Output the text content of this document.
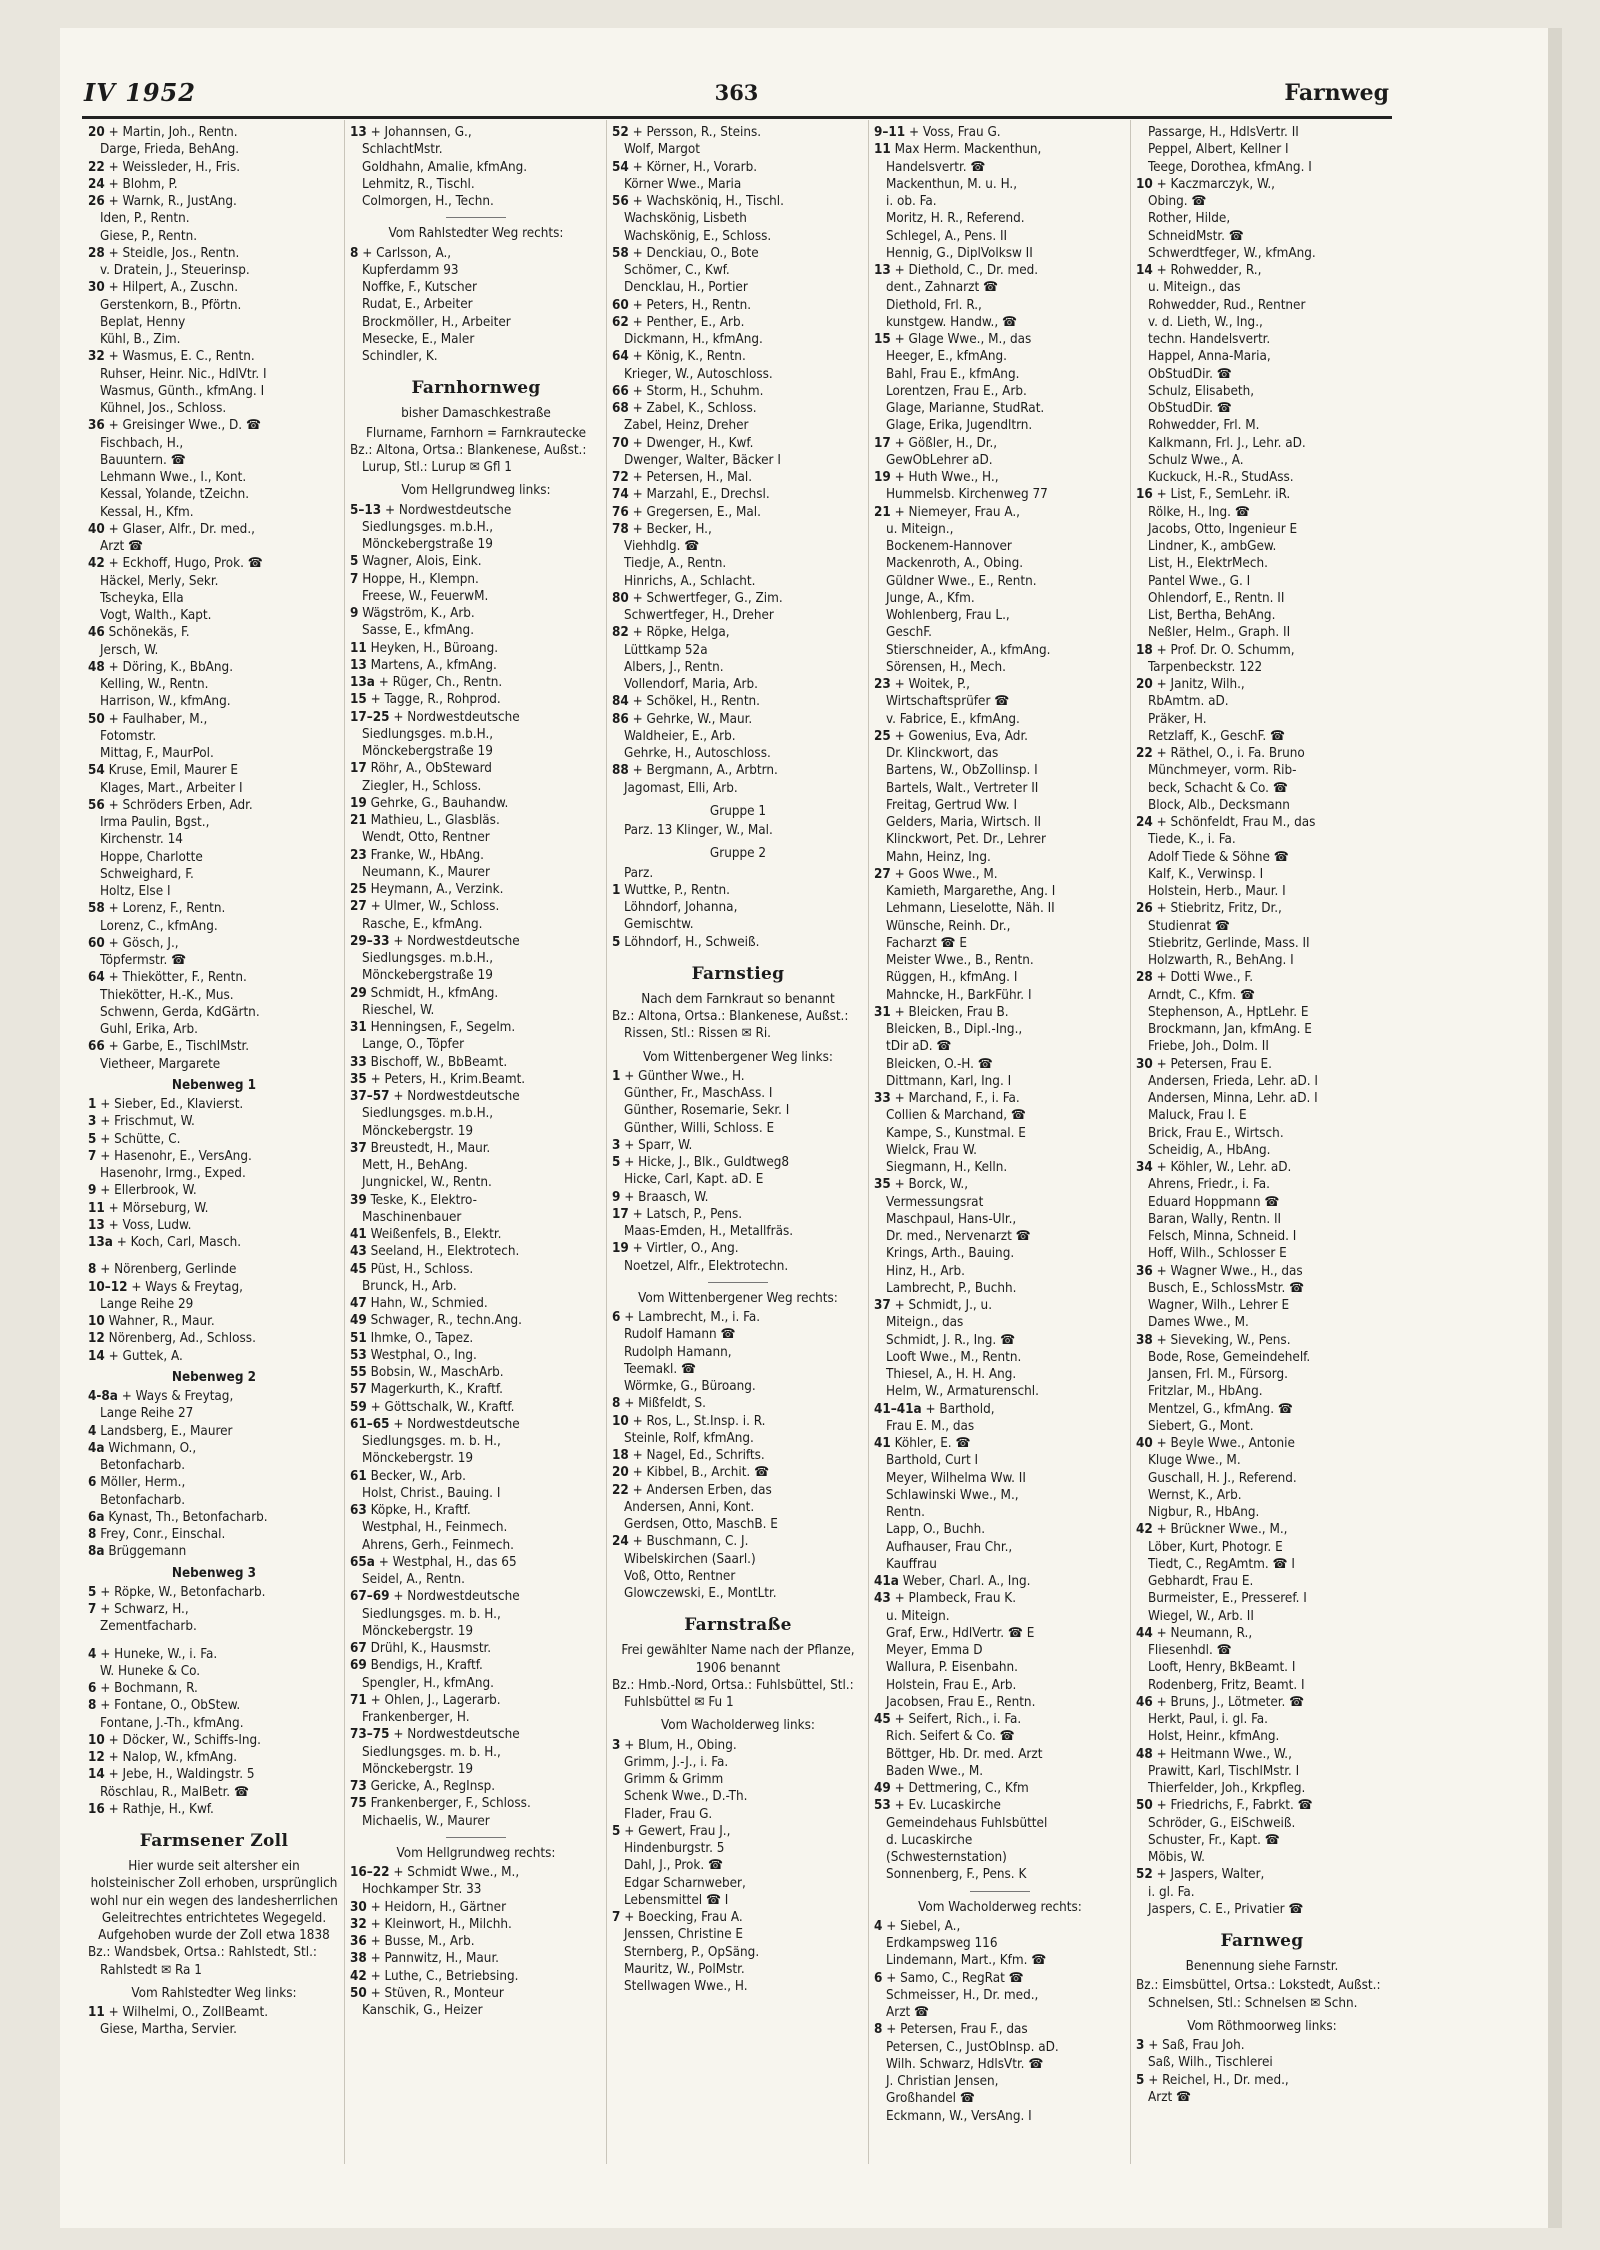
IV 1952	363	Farnweg
20 + Martin, Joh., Rentn.
Darge, Frieda, BehAng.
22 + Weissleder, H., Fris.
24 + Blohm, P.
26 + Warnk, R., JustAng.
Iden, P., Rentn.
Giese, P., Rentn.
28 + Steidle, Jos., Rentn.
v. Dratein, J., Steuerinsp.
30 + Hilpert, A., Zuschn.
Gerstenkorn, B., Pförtn.
Beplat, Henny
Kühl, B., Zim.
32 + Wasmus, E. C., Rentn.
Ruhser, Heinr. Nic., HdlVtr. I
Wasmus, Günth., kfmAng. I
Kühnel, Jos., Schloss.
36 + Greisinger Wwe., D. ☎
Fischbach, H.,
Bauuntern. ☎
Lehmann Wwe., I., Kont.
Kessal, Yolande, tZeichn.
Kessal, H., Kfm.
40 + Glaser, Alfr., Dr. med.,
Arzt ☎
42 + Eckhoff, Hugo, Prok. ☎
Häckel, Merly, Sekr.
Tscheyka, Ella
Vogt, Walth., Kapt.
46 Schönekäs, F.
Jersch, W.
48 + Döring, K., BbAng.
Kelling, W., Rentn.
Harrison, W., kfmAng.
50 + Faulhaber, M.,
Fotomstr.
Mittag, F., MaurPol.
54 Kruse, Emil, Maurer E
Klages, Mart., Arbeiter I
56 + Schröders Erben, Adr.
Irma Paulin, Bgst.,
Kirchenstr. 14
Hoppe, Charlotte
Schweighard, F.
Holtz, Else I
58 + Lorenz, F., Rentn.
Lorenz, C., kfmAng.
60 + Gösch, J.,
Töpfermstr. ☎
64 + Thiekötter, F., Rentn.
Thiekötter, H.-K., Mus.
Schwenn, Gerda, KdGärtn.
Guhl, Erika, Arb.
66 + Garbe, E., TischlMstr.
Vietheer, Margarete
Nebenweg 1
1 + Sieber, Ed., Klavierst.
3 + Frischmut, W.
5 + Schütte, C.
7 + Hasenohr, E., VersAng.
Hasenohr, Irmg., Exped.
9 + Ellerbrook, W.
11 + Mörseburg, W.
13 + Voss, Ludw.
13a + Koch, Carl, Masch.
8 + Nörenberg, Gerlinde
10–12 + Ways & Freytag,
Lange Reihe 29
10 Wahner, R., Maur.
12 Nörenberg, Ad., Schloss.
14 + Guttek, A.
Nebenweg 2
4-8a + Ways & Freytag,
Lange Reihe 27
4 Landsberg, E., Maurer
4a Wichmann, O.,
Betonfacharb.
6 Möller, Herm.,
Betonfacharb.
6a Kynast, Th., Betonfacharb.
8 Frey, Conr., Einschal.
8a Brüggemann
Nebenweg 3
5 + Röpke, W., Betonfacharb.
7 + Schwarz, H.,
Zementfacharb.
4 + Huneke, W., i. Fa.
W. Huneke & Co.
6 + Bochmann, R.
8 + Fontane, O., ObStew.
Fontane, J.-Th., kfmAng.
10 + Döcker, W., Schiffs-Ing.
12 + Nalop, W., kfmAng.
14 + Jebe, H., Waldingstr. 5
Röschlau, R., MalBetr. ☎
16 + Rathje, H., Kwf.
Farmsener Zoll
Hier wurde seit altersher ein holsteinischer Zoll erhoben, ursprünglich wohl nur ein wegen des landesherrlichen Geleitrechtes entrichtetes Wegegeld. Aufgehoben wurde der Zoll etwa 1838
Bz.: Wandsbek, Ortsa.: Rahlstedt, Stl.: Rahlstedt ✉ Ra 1
Vom Rahlstedter Weg links:
11 + Wilhelmi, O., ZollBeamt.
Giese, Martha, Servier.
13 + Johannsen, G.,
SchlachtMstr.
Goldhahn, Amalie, kfmAng.
Lehmitz, R., Tischl.
Colmorgen, H., Techn.
Vom Rahlstedter Weg rechts:
8 + Carlsson, A.,
Kupferdamm 93
Noffke, F., Kutscher
Rudat, E., Arbeiter
Brockmöller, H., Arbeiter
Mesecke, E., Maler
Schindler, K.
Farnhornweg
bisher Damaschkestraße
Flurname, Farnhorn = Farnkrautecke
Bz.: Altona, Ortsa.: Blankenese, Außst.: Lurup, Stl.: Lurup ✉ Gfl 1
Vom Hellgrundweg links:
5–13 + Nordwestdeutsche
Siedlungsges. m.b.H.,
Mönckebergstraße 19
5 Wagner, Alois, Eink.
7 Hoppe, H., Klempn.
Freese, W., FeuerwM.
9 Wägström, K., Arb.
Sasse, E., kfmAng.
11 Heyken, H., Büroang.
13 Martens, A., kfmAng.
13a + Rüger, Ch., Rentn.
15 + Tagge, R., Rohprod.
17–25 + Nordwestdeutsche
Siedlungsges. m.b.H.,
Mönckebergstraße 19
17 Röhr, A., ObSteward
Ziegler, H., Schloss.
19 Gehrke, G., Bauhandw.
21 Mathieu, L., Glasbläs.
Wendt, Otto, Rentner
23 Franke, W., HbAng.
Neumann, K., Maurer
25 Heymann, A., Verzink.
27 + Ulmer, W., Schloss.
Rasche, E., kfmAng.
29–33 + Nordwestdeutsche
Siedlungsges. m.b.H.,
Mönckebergstraße 19
29 Schmidt, H., kfmAng.
Rieschel, W.
31 Henningsen, F., Segelm.
Lange, O., Töpfer
33 Bischoff, W., BbBeamt.
35 + Peters, H., Krim.Beamt.
37–57 + Nordwestdeutsche
Siedlungsges. m.b.H.,
Mönckebergstr. 19
37 Breustedt, H., Maur.
Mett, H., BehAng.
Jungnickel, W., Rentn.
39 Teske, K., Elektro-
Maschinenbauer
41 Weißenfels, B., Elektr.
43 Seeland, H., Elektrotech.
45 Püst, H., Schloss.
Brunck, H., Arb.
47 Hahn, W., Schmied.
49 Schwager, R., techn.Ang.
51 Ihmke, O., Tapez.
53 Westphal, O., Ing.
55 Bobsin, W., MaschArb.
57 Magerkurth, K., Kraftf.
59 + Göttschalk, W., Kraftf.
61–65 + Nordwestdeutsche
Siedlungsges. m. b. H.,
Mönckebergstr. 19
61 Becker, W., Arb.
Holst, Christ., Bauing. I
63 Köpke, H., Kraftf.
Westphal, H., Feinmech.
Ahrens, Gerh., Feinmech.
65a + Westphal, H., das 65
Seidel, A., Rentn.
67–69 + Nordwestdeutsche
Siedlungsges. m. b. H.,
Mönckebergstr. 19
67 Drühl, K., Hausmstr.
69 Bendigs, H., Kraftf.
Spengler, H., kfmAng.
71 + Ohlen, J., Lagerarb.
Frankenberger, H.
73–75 + Nordwestdeutsche
Siedlungsges. m. b. H.,
Mönckebergstr. 19
73 Gericke, A., RegInsp.
75 Frankenberger, F., Schloss.
Michaelis, W., Maurer
Vom Hellgrundweg rechts:
16–22 + Schmidt Wwe., M.,
Hochkamper Str. 33
30 + Heidorn, H., Gärtner
32 + Kleinwort, H., Milchh.
36 + Busse, M., Arb.
38 + Pannwitz, H., Maur.
42 + Luthe, C., Betriebsing.
50 + Stüven, R., Monteur
Kanschik, G., Heizer
52 + Persson, R., Steins.
Wolf, Margot
54 + Körner, H., Vorarb.
Körner Wwe., Maria
56 + Wachsköniq, H., Tischl.
Wachskönig, Lisbeth
Wachskönig, E., Schloss.
58 + Denckiau, O., Bote
Schömer, C., Kwf.
Dencklau, H., Portier
60 + Peters, H., Rentn.
62 + Penther, E., Arb.
Dickmann, H., kfmAng.
64 + König, K., Rentn.
Krieger, W., Autoschloss.
66 + Storm, H., Schuhm.
68 + Zabel, K., Schloss.
Zabel, Heinz, Dreher
70 + Dwenger, H., Kwf.
Dwenger, Walter, Bäcker I
72 + Petersen, H., Mal.
74 + Marzahl, E., Drechsl.
76 + Gregersen, E., Mal.
78 + Becker, H.,
Viehhdlg. ☎
Tiedje, A., Rentn.
Hinrichs, A., Schlacht.
80 + Schwertfeger, G., Zim.
Schwertfeger, H., Dreher
82 + Röpke, Helga,
Lüttkamp 52a
Albers, J., Rentn.
Vollendorf, Maria, Arb.
84 + Schökel, H., Rentn.
86 + Gehrke, W., Maur.
Waldheier, E., Arb.
Gehrke, H., Autoschloss.
88 + Bergmann, A., Arbtrn.
Jagomast, Elli, Arb.
Gruppe 1
Parz. 13 Klinger, W., Mal.
Gruppe 2
Parz.
1 Wuttke, P., Rentn.
Löhndorf, Johanna,
Gemischtw.
5 Löhndorf, H., Schweiß.
Farnstieg
Nach dem Farnkraut so benannt
Bz.: Altona, Ortsa.: Blankenese, Außst.: Rissen, Stl.: Rissen ✉ Ri.
Vom Wittenbergener Weg links:
1 + Günther Wwe., H.
Günther, Fr., MaschAss. I
Günther, Rosemarie, Sekr. I
Günther, Willi, Schloss. E
3 + Sparr, W.
5 + Hicke, J., Blk., Guldtweg8
Hicke, Carl, Kapt. aD. E
9 + Braasch, W.
17 + Latsch, P., Pens.
Maas-Emden, H., Metallfräs.
19 + Virtler, O., Ang.
Noetzel, Alfr., Elektrotechn.
Vom Wittenbergener Weg rechts:
6 + Lambrecht, M., i. Fa.
Rudolf Hamann ☎
Rudolph Hamann,
Teemakl. ☎
Wörmke, G., Büroang.
8 + Mißfeldt, S.
10 + Ros, L., St.Insp. i. R.
Steinle, Rolf, kfmAng.
18 + Nagel, Ed., Schrifts.
20 + Kibbel, B., Archit. ☎
22 + Andersen Erben, das
Andersen, Anni, Kont.
Gerdsen, Otto, MaschB. E
24 + Buschmann, C. J.
Wibelskirchen (Saarl.)
Voß, Otto, Rentner
Glowczewski, E., MontLtr.
Farnstraße
Frei gewählter Name nach der Pflanze, 1906 benannt
Bz.: Hmb.-Nord, Ortsa.: Fuhlsbüttel, Stl.: Fuhlsbüttel ✉ Fu 1
Vom Wacholderweg links:
3 + Blum, H., Obing.
Grimm, J.-J., i. Fa.
Grimm & Grimm
Schenk Wwe., D.-Th.
Flader, Frau G.
5 + Gewert, Frau J.,
Hindenburgstr. 5
Dahl, J., Prok. ☎
Edgar Scharnweber,
Lebensmittel ☎ I
7 + Boecking, Frau A.
Jenssen, Christine E
Sternberg, P., OpSäng.
Mauritz, W., PolMstr.
Stellwagen Wwe., H.
9–11 + Voss, Frau G.
11 Max Herm. Mackenthun,
Handelsvertr. ☎
Mackenthun, M. u. H.,
i. ob. Fa.
Moritz, H. R., Referend.
Schlegel, A., Pens. II
Hennig, G., DiplVolksw II
13 + Diethold, C., Dr. med.
dent., Zahnarzt ☎
Diethold, Frl. R.,
kunstgew. Handw., ☎
15 + Glage Wwe., M., das
Heeger, E., kfmAng.
Bahl, Frau E., kfmAng.
Lorentzen, Frau E., Arb.
Glage, Marianne, StudRat.
Glage, Erika, Jugendltrn.
17 + Gößler, H., Dr.,
GewObLehrer aD.
19 + Huth Wwe., H.,
Hummelsb. Kirchenweg 77
21 + Niemeyer, Frau A.,
u. Miteign.,
Bockenem-Hannover
Mackenroth, A., Obing.
Güldner Wwe., E., Rentn.
Junge, A., Kfm.
Wohlenberg, Frau L.,
GeschF.
Stierschneider, A., kfmAng.
Sörensen, H., Mech.
23 + Woitek, P.,
Wirtschaftsprüfer ☎
v. Fabrice, E., kfmAng.
25 + Gowenius, Eva, Adr.
Dr. Klinckwort, das
Bartens, W., ObZollinsp. I
Bartels, Walt., Vertreter II
Freitag, Gertrud Ww. I
Gelders, Maria, Wirtsch. II
Klinckwort, Pet. Dr., Lehrer
Mahn, Heinz, Ing.
27 + Goos Wwe., M.
Kamieth, Margarethe, Ang. I
Lehmann, Lieselotte, Näh. II
Wünsche, Reinh. Dr.,
Facharzt ☎ E
Meister Wwe., B., Rentn.
Rüggen, H., kfmAng. I
Mahncke, H., BarkFühr. I
31 + Bleicken, Frau B.
Bleicken, B., Dipl.-Ing.,
tDir aD. ☎
Bleicken, O.-H. ☎
Dittmann, Karl, Ing. I
33 + Marchand, F., i. Fa.
Collien & Marchand, ☎
Kampe, S., Kunstmal. E
Wielck, Frau W.
Siegmann, H., Kelln.
35 + Borck, W.,
Vermessungsrat
Maschpaul, Hans-Ulr.,
Dr. med., Nervenarzt ☎
Krings, Arth., Bauing.
Hinz, H., Arb.
Lambrecht, P., Buchh.
37 + Schmidt, J., u.
Miteign., das
Schmidt, J. R., Ing. ☎
Looft Wwe., M., Rentn.
Thiesel, A., H. H. Ang.
Helm, W., Armaturenschl.
41–41a + Barthold,
Frau E. M., das
41 Köhler, E. ☎
Barthold, Curt I
Meyer, Wilhelma Ww. II
Schlawinski Wwe., M.,
Rentn.
Lapp, O., Buchh.
Aufhauser, Frau Chr.,
Kauffrau
41a Weber, Charl. A., Ing.
43 + Plambeck, Frau K.
u. Miteign.
Graf, Erw., HdlVertr. ☎ E
Meyer, Emma D
Wallura, P. Eisenbahn.
Holstein, Frau E., Arb.
Jacobsen, Frau E., Rentn.
45 + Seifert, Rich., i. Fa.
Rich. Seifert & Co. ☎
Böttger, Hb. Dr. med. Arzt
Baden Wwe., M.
49 + Dettmering, C., Kfm
53 + Ev. Lucaskirche
Gemeindehaus Fuhlsbüttel
d. Lucaskirche
(Schwesternstation)
Sonnenberg, F., Pens. K
Vom Wacholderweg rechts:
4 + Siebel, A.,
Erdkampsweg 116
Lindemann, Mart., Kfm. ☎
6 + Samo, C., RegRat ☎
Schmeisser, H., Dr. med.,
Arzt ☎
8 + Petersen, Frau F., das
Petersen, C., JustObInsp. aD.
Wilh. Schwarz, HdlsVtr. ☎
J. Christian Jensen,
Großhandel ☎
Eckmann, W., VersAng. I
Passarge, H., HdlsVertr. II
Peppel, Albert, Kellner I
Teege, Dorothea, kfmAng. I
10 + Kaczmarczyk, W.,
Obing. ☎
Rother, Hilde,
SchneidMstr. ☎
Schwerdtfeger, W., kfmAng.
14 + Rohwedder, R.,
u. Miteign., das
Rohwedder, Rud., Rentner
v. d. Lieth, W., Ing.,
techn. Handelsvertr.
Happel, Anna-Maria,
ObStudDir. ☎
Schulz, Elisabeth,
ObStudDir. ☎
Rohwedder, Frl. M.
Kalkmann, Frl. J., Lehr. aD.
Schulz Wwe., A.
Kuckuck, H.-R., StudAss.
16 + List, F., SemLehr. iR.
Rölke, H., Ing. ☎
Jacobs, Otto, Ingenieur E
Lindner, K., ambGew.
List, H., ElektrMech.
Pantel Wwe., G. I
Ohlendorf, E., Rentn. II
List, Bertha, BehAng.
Neßler, Helm., Graph. II
18 + Prof. Dr. O. Schumm,
Tarpenbeckstr. 122
20 + Janitz, Wilh.,
RbAmtm. aD.
Präker, H.
Retzlaff, K., GeschF. ☎
22 + Räthel, O., i. Fa. Bruno
Münchmeyer, vorm. Rib-
beck, Schacht & Co. ☎
Block, Alb., Decksmann
24 + Schönfeldt, Frau M., das
Tiede, K., i. Fa.
Adolf Tiede & Söhne ☎
Kalf, K., Verwinsp. I
Holstein, Herb., Maur. I
26 + Stiebritz, Fritz, Dr.,
Studienrat ☎
Stiebritz, Gerlinde, Mass. II
Holzwarth, R., BehAng. I
28 + Dotti Wwe., F.
Arndt, C., Kfm. ☎
Stephenson, A., HptLehr. E
Brockmann, Jan, kfmAng. E
Friebe, Joh., Dolm. II
30 + Petersen, Frau E.
Andersen, Frieda, Lehr. aD. I
Andersen, Minna, Lehr. aD. I
Maluck, Frau I. E
Brick, Frau E., Wirtsch.
Scheidig, A., HbAng.
34 + Köhler, W., Lehr. aD.
Ahrens, Friedr., i. Fa.
Eduard Hoppmann ☎
Baran, Wally, Rentn. II
Felsch, Minna, Schneid. I
Hoff, Wilh., Schlosser E
36 + Wagner Wwe., H., das
Busch, E., SchlossMstr. ☎
Wagner, Wilh., Lehrer E
Dames Wwe., M.
38 + Sieveking, W., Pens.
Bode, Rose, Gemeindehelf.
Jansen, Frl. M., Fürsorg.
Fritzlar, M., HbAng.
Mentzel, G., kfmAng. ☎
Siebert, G., Mont.
40 + Beyle Wwe., Antonie
Kluge Wwe., M.
Guschall, H. J., Referend.
Wernst, K., Arb.
Nigbur, R., HbAng.
42 + Brückner Wwe., M.,
Löber, Kurt, Photogr. E
Tiedt, C., RegAmtm. ☎ I
Gebhardt, Frau E.
Burmeister, E., Presseref. I
Wiegel, W., Arb. II
44 + Neumann, R.,
Fliesenhdl. ☎
Looft, Henry, BkBeamt. I
Rodenberg, Fritz, Beamt. I
46 + Bruns, J., Lötmeter. ☎
Herkt, Paul, i. gl. Fa.
Holst, Heinr., kfmAng.
48 + Heitmann Wwe., W.,
Prawitt, Karl, TischlMstr. I
Thierfelder, Joh., Krkpfleg.
50 + Friedrichs, F., Fabrkt. ☎
Schröder, G., EiSchweiß.
Schuster, Fr., Kapt. ☎
Möbis, W.
52 + Jaspers, Walter,
i. gl. Fa.
Jaspers, C. E., Privatier ☎
Farnweg
Benennung siehe Farnstr.
Bz.: Eimsbüttel, Ortsa.: Lokstedt, Außst.: Schnelsen, Stl.: Schnelsen ✉ Schn.
Vom Röthmoorweg links:
3 + Saß, Frau Joh.
Saß, Wilh., Tischlerei
5 + Reichel, H., Dr. med.,
Arzt ☎
